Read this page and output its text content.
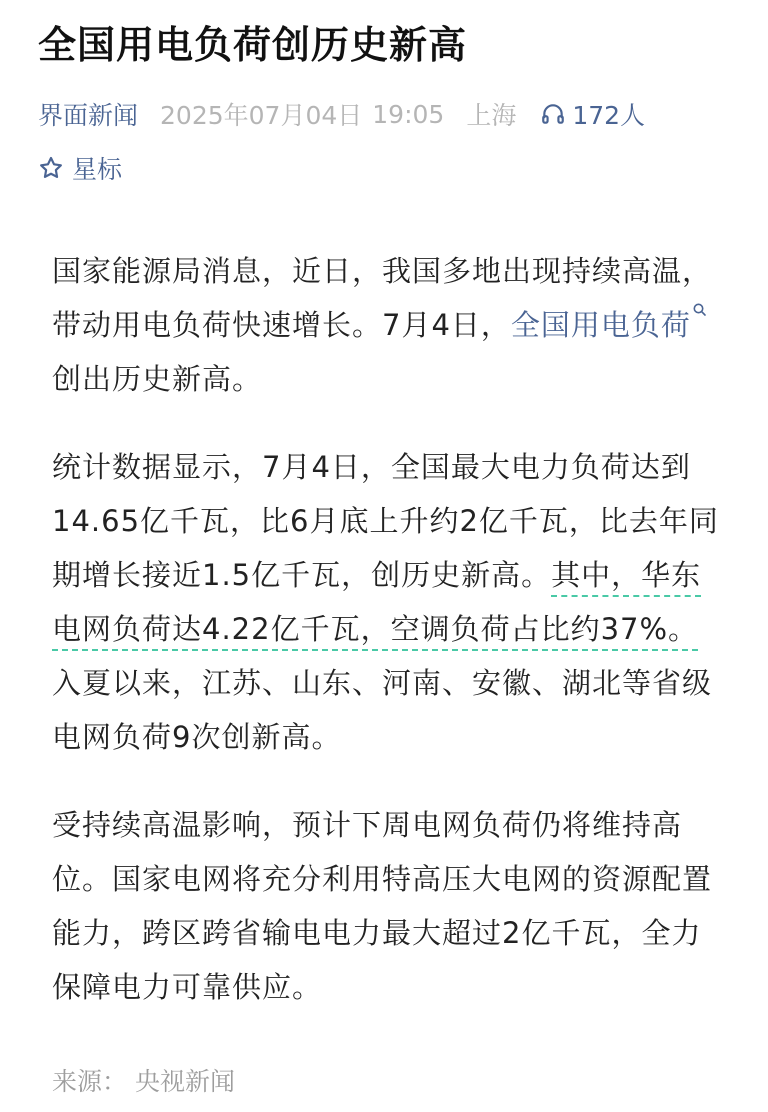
全国用电负荷创历史新高
界面新闻 2025年07月04日 19:05 上海 172人
星标
国家能源局消息，近日，我国多地出现持续高温，带动用电负荷快速增长。7月4日，全国用电负荷创出历史新高。
统计数据显示，7月4日，全国最大电力负荷达到14.65亿千瓦，比6月底上升约2亿千瓦，比去年同期增长接近1.5亿千瓦，创历史新高。其中，华东电网负荷达4.22亿千瓦，空调负荷占比约37%。入夏以来，江苏、山东、河南、安徽、湖北等省级电网负荷9次创新高。
受持续高温影响，预计下周电网负荷仍将维持高位。国家电网将充分利用特高压大电网的资源配置能力，跨区跨省输电电力最大超过2亿千瓦，全力保障电力可靠供应。
来源： 央视新闻
